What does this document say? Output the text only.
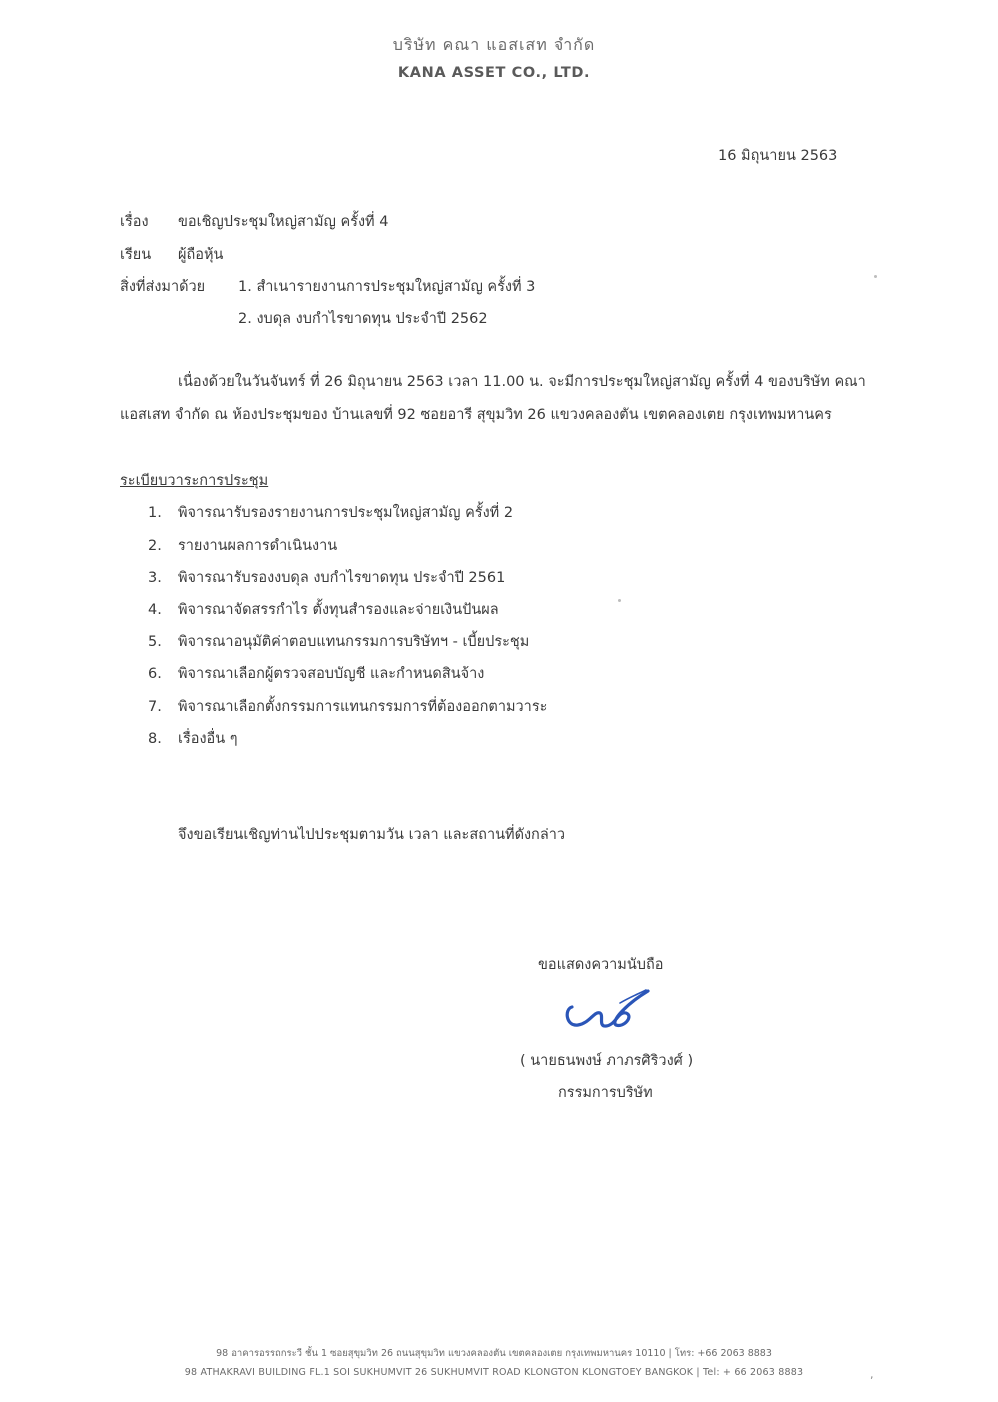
บริษัท คณา แอสเสท จำกัด
KANA ASSET CO., LTD.
16 มิถุนายน 2563
เรื่อง ขอเชิญประชุมใหญ่สามัญ ครั้งที่ 4
เรียน ผู้ถือหุ้น
สิ่งที่ส่งมาด้วย 1. สำเนารายงานการประชุมใหญ่สามัญ ครั้งที่ 3
2. งบดุล งบกำไรขาดทุน ประจำปี 2562
เนื่องด้วยในวันจันทร์ ที่ 26 มิถุนายน 2563 เวลา 11.00 น. จะมีการประชุมใหญ่สามัญ ครั้งที่ 4 ของบริษัท คณา
แอสเสท จำกัด ณ ห้องประชุมของ บ้านเลขที่ 92 ซอยอารี สุขุมวิท 26 แขวงคลองตัน เขตคลองเตย กรุงเทพมหานคร
ระเบียบวาระการประชุม
1. พิจารณารับรองรายงานการประชุมใหญ่สามัญ ครั้งที่ 2
2. รายงานผลการดำเนินงาน
3. พิจารณารับรองงบดุล งบกำไรขาดทุน ประจำปี 2561
4. พิจารณาจัดสรรกำไร ตั้งทุนสำรองและจ่ายเงินปันผล
5. พิจารณาอนุมัติค่าตอบแทนกรรมการบริษัทฯ - เบี้ยประชุม
6. พิจารณาเลือกผู้ตรวจสอบบัญชี และกำหนดสินจ้าง
7. พิจารณาเลือกตั้งกรรมการแทนกรรมการที่ต้องออกตามวาระ
8. เรื่องอื่น ๆ
จึงขอเรียนเชิญท่านไปประชุมตามวัน เวลา และสถานที่ดังกล่าว
ขอแสดงความนับถือ
( นายธนพงษ์ ภาภรศิริวงศ์ )
กรรมการบริษัท
98 อาคารอรรถกระวี ชั้น 1 ซอยสุขุมวิท 26 ถนนสุขุมวิท แขวงคลองตัน เขตคลองเตย กรุงเทพมหานคร 10110 | โทร: +66 2063 8883
98 ATHAKRAVI BUILDING FL.1 SOI SUKHUMVIT 26 SUKHUMVIT ROAD KLONGTON KLONGTOEY BANGKOK | Tel: + 66 2063 8883	,
